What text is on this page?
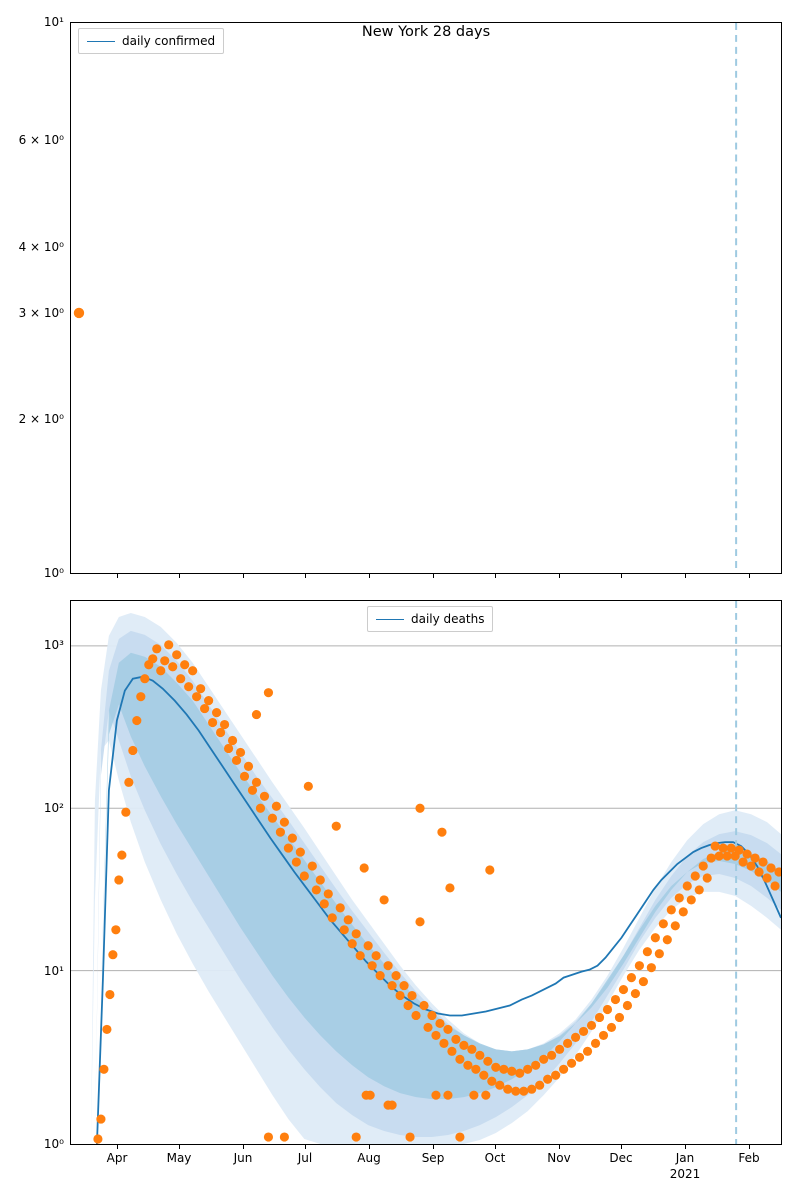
10¹
6 × 10⁰
4 × 10⁰
3 × 10⁰
2 × 10⁰
10⁰
New York 28 days
daily confirmed
10³
10²
10¹
10⁰
daily deaths
Apr	May	Jun	Jul	Aug	Sep	Oct	Nov	Dec	Jan	Feb
2021
